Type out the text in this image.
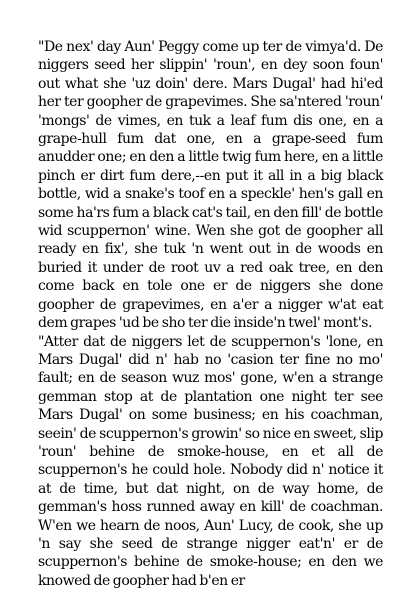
"De nex' day Aun' Peggy come up ter de vimya'd. De niggers seed her slippin' 'roun', en dey soon foun' out what she 'uz doin' dere. Mars Dugal' had hi'ed her ter goopher de grapevimes. She sa'ntered 'roun' 'mongs' de vimes, en tuk a leaf fum dis one, en a grape-hull fum dat one, en a grape-seed fum anudder one; en den a little twig fum here, en a little pinch er dirt fum dere,--en put it all in a big black bottle, wid a snake's toof en a speckle' hen's gall en some ha'rs fum a black cat's tail, en den fill' de bottle wid scuppernon' wine. Wen she got de goopher all ready en fix', she tuk 'n went out in de woods en buried it under de root uv a red oak tree, en den come back en tole one er de niggers she done goopher de grapevimes, en a'er a nigger w'at eat dem grapes 'ud be sho ter die inside'n twel' mont's.

"Atter dat de niggers let de scuppernon's 'lone, en Mars Dugal' did n' hab no 'casion ter fine no mo' fault; en de season wuz mos' gone, w'en a strange gemman stop at de plantation one night ter see Mars Dugal' on some business; en his coachman, seein' de scuppernon's growin' so nice en sweet, slip 'roun' behine de smoke-house, en et all de scuppernon's he could hole. Nobody did n' notice it at de time, but dat night, on de way home, de gemman's hoss runned away en kill' de coachman. W'en we hearn de noos, Aun' Lucy, de cook, she up 'n say she seed de strange nigger eat'n' er de scuppernon's behine de smoke-house; en den we knowed de goopher had b'en er
